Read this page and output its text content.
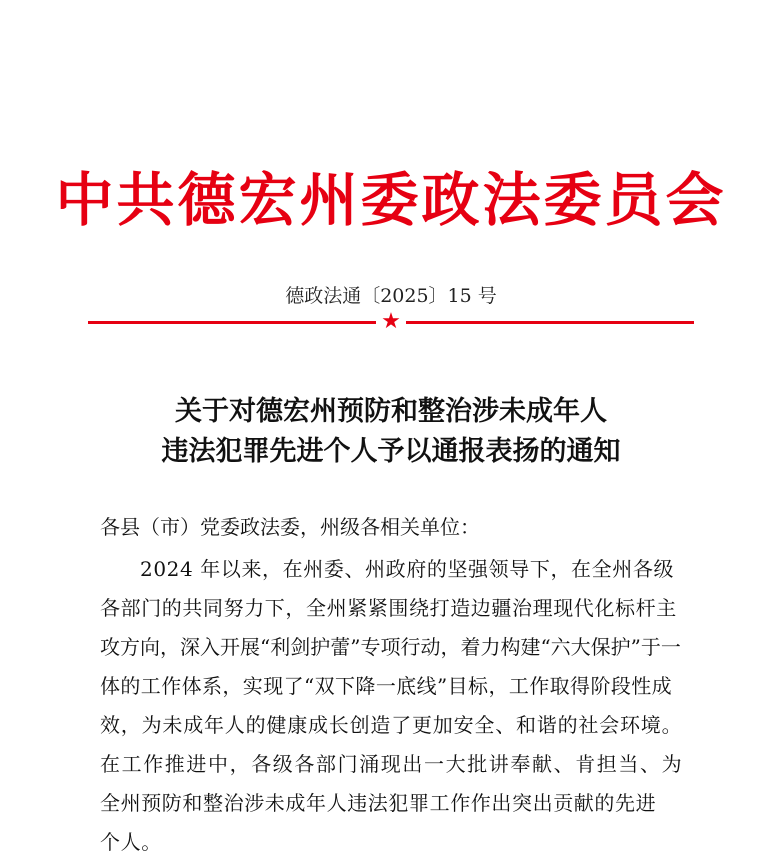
中共德宏州委政法委员会
德政法通〔2025〕15 号
★
关于对德宏州预防和整治涉未成年人
违法犯罪先进个人予以通报表扬的通知
各县（市）党委政法委，州级各相关单位：
2024 年以来，在州委、州政府的坚强领导下，在全州各级
各部门的共同努力下，全州紧紧围绕打造边疆治理现代化标杆主
攻方向，深入开展“利剑护蕾”专项行动，着力构建“六大保护”于一
体的工作体系，实现了“双下降一底线”目标，工作取得阶段性成
效，为未成年人的健康成长创造了更加安全、和谐的社会环境。
在工作推进中，各级各部门涌现出一大批讲奉献、肯担当、为
全州预防和整治涉未成年人违法犯罪工作作出突出贡献的先进
个人。
